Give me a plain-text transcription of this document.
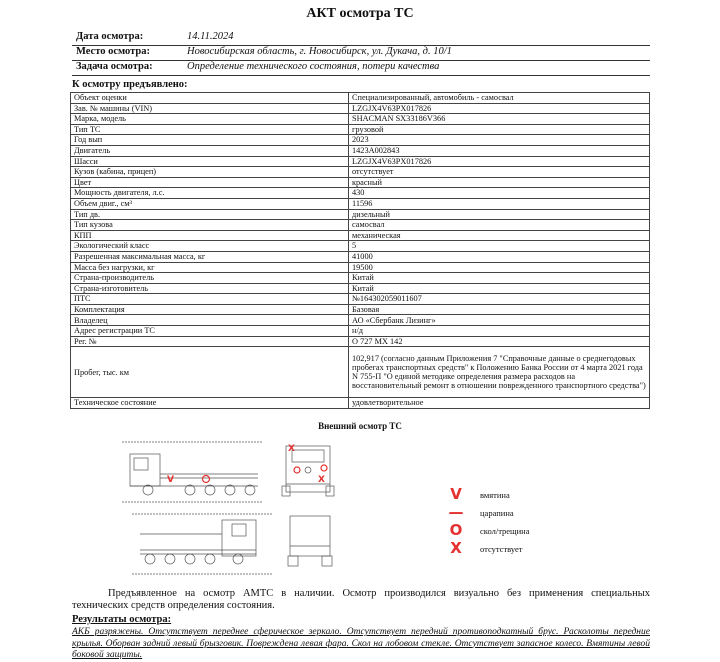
АКТ осмотра ТС
Дата осмотра:	14.11.2024
Место осмотра:	Новосибирская область, г. Новосибирск, ул. Дукача, д. 10/1
Задача осмотра:	Определение технического состояния, потери качества
К осмотру предъявлено:
Объект оценки	Специализированный, автомобиль - самосвал
Зав. № машины (VIN)	LZGJX4V63PX017826
Марка, модель	SHACMAN SX33186V366
Тип ТС	грузовой
Год вып	2023
Двигатель	1423А002843
Шасси	LZGJX4V63PX017826
Кузов (кабина, прицеп)	отсутствует
Цвет	красный
Мощность двигателя, л.с.	430
Объем двиг., см³	11596
Тип дв.	дизельный
Тип кузова	самосвал
КПП	механическая
Экологический класс	5
Разрешенная максимальная масса, кг	41000
Масса без нагрузки, кг	19500
Страна-производитель	Китай
Страна-изготовитель	Китай
ПТС	№164302059011607
Комплектация	Базовая
Владелец	АО «Сбербанк Лизинг»
Адрес регистрации ТС	н/д
Рег. №	О 727 МХ 142
Пробег, тыс. км	102,917 (согласно данным Приложения 7 "Справочные данные о среднегодовых пробегах транспортных средств" к Положению Банка России от 4 марта 2021 года N 755-П "О единой методике определения размера расходов на восстановительный ремонт в отношении поврежденного транспортного средства")
Техническое состояние	удовлетворительное
Внешний осмотр ТС
V
X
X
V	вмятина
—	царапина
O	скол/трещина
X	отсутствует
Предъявленное на осмотр АМТС в наличии. Осмотр производился визуально без применения специальных технических средств определения состояния.
Результаты осмотра:
АКБ разряжены. Отсутствует переднее сферическое зеркало. Отсутствует передний противоподкатный брус. Расколоты передние крылья. Оборван задний левый брызговик. Повреждена левая фара. Скол на лобовом стекле. Отсутствует запасное колесо. Вмятины левой боковой защиты.
